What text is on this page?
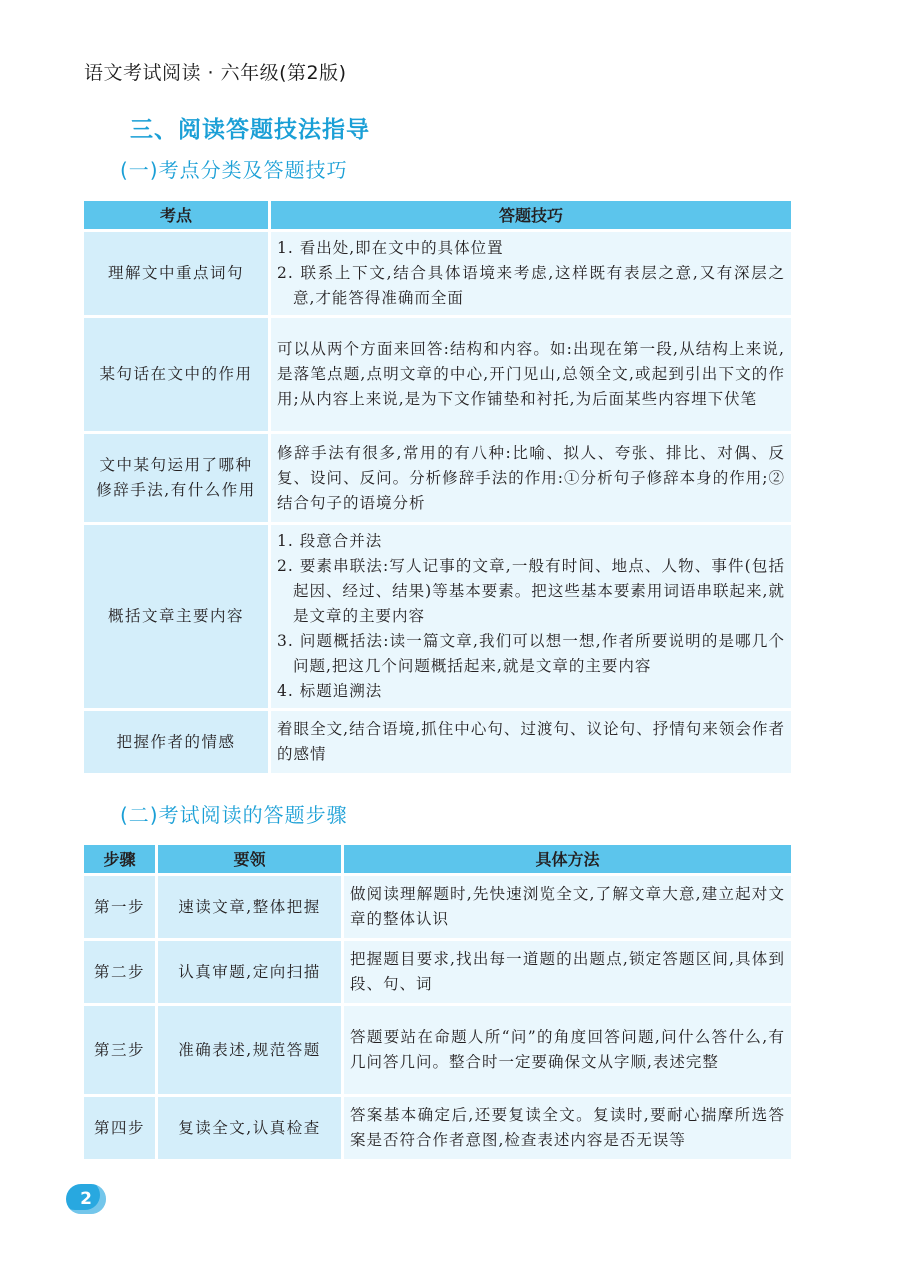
语文考试阅读 · 六年级(第2版)
三、阅读答题技法指导
(一)考点分类及答题技巧
考点	答题技巧
理解文中重点词句	1. 看出处,即在文中的具体位置
2. 联系上下文,结合具体语境来考虑,这样既有表层之意,又有深层之意,才能答得准确而全面

某句话在文中的作用	可以从两个方面来回答:结构和内容。如:出现在第一段,从结构上来说,是落笔点题,点明文章的中心,开门见山,总领全文,或起到引出下文的作用;从内容上来说,是为下文作铺垫和衬托,为后面某些内容埋下伏笔

文中某句运用了哪种修辞手法,有什么作用	修辞手法有很多,常用的有八种:比喻、拟人、夸张、排比、对偶、反复、设问、反问。分析修辞手法的作用:①分析句子修辞本身的作用;②结合句子的语境分析

概括文章主要内容	1. 段意合并法
2. 要素串联法:写人记事的文章,一般有时间、地点、人物、事件(包括起因、经过、结果)等基本要素。把这些基本要素用词语串联起来,就是文章的主要内容
3. 问题概括法:读一篇文章,我们可以想一想,作者所要说明的是哪几个问题,把这几个问题概括起来,就是文章的主要内容
4. 标题追溯法

把握作者的情感	着眼全文,结合语境,抓住中心句、过渡句、议论句、抒情句来领会作者的感情
(二)考试阅读的答题步骤
步骤	要领	具体方法
第一步	速读文章,整体把握	做阅读理解题时,先快速浏览全文,了解文章大意,建立起对文章的整体认识
第二步	认真审题,定向扫描	把握题目要求,找出每一道题的出题点,锁定答题区间,具体到段、句、词
第三步	准确表述,规范答题	答题要站在命题人所“问”的角度回答问题,问什么答什么,有几问答几问。整合时一定要确保文从字顺,表述完整
第四步	复读全文,认真检查	答案基本确定后,还要复读全文。复读时,要耐心揣摩所选答案是否符合作者意图,检查表述内容是否无误等
2
